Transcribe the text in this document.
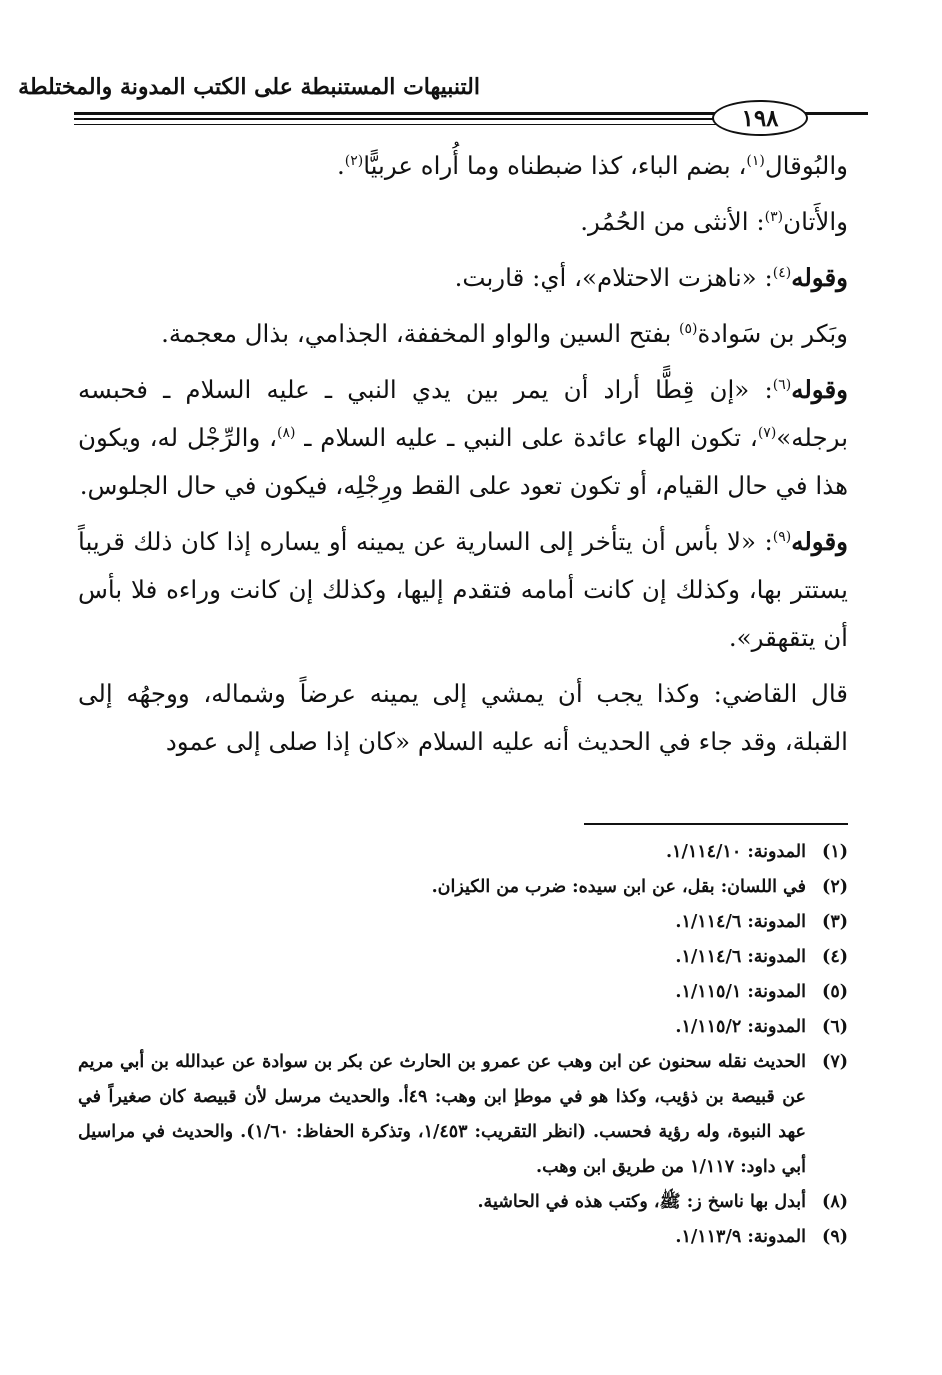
التنبيهات المستنبطة على الكتب المدونة والمختلطة
١٩٨

والبُوقال$^{(١)}$، بضم الباء، كذا ضبطناه وما أُراه عربيًّا$^{(٢)}$.

والأَتان$^{(٣)}$: الأنثى من الحُمُر.

وقوله$^{(٤)}$: «ناهزت الاحتلام»، أي: قاربت.

وبَكر بن سَوادة$^{(٥)}$ بفتح السين والواو المخففة، الجذامي، بذال معجمة.

وقوله$^{(٦)}$: «إن قِطًّا أراد أن يمر بين يدي النبي ـ عليه السلام ـ فحبسه برجله»$^{(٧)}$، تكون الهاء عائدة على النبي ـ عليه السلام ـ $^{(٨)}$، والرِّجْل له، ويكون هذا في حال القيام، أو تكون تعود على القط ورِجْلِه، فيكون في حال الجلوس.

وقوله$^{(٩)}$: «لا بأس أن يتأخر إلى السارية عن يمينه أو يساره إذا كان ذلك قريباً يستتر بها، وكذلك إن كانت أمامه فتقدم إليها، وكذلك إن كانت وراءه فلا بأس أن يتقهقر».

قال القاضي: وكذا يجب أن يمشي إلى يمينه عرضاً وشماله، ووجهُه إلى القبلة، وقد جاء في الحديث أنه عليه السلام «كان إذا صلى إلى عمود

(١)
المدونة: ١/١١٤/١٠.
(٢)
في اللسان: بقل، عن ابن سيده: ضرب من الكيزان.
(٣)
المدونة: ١/١١٤/٦.
(٤)
المدونة: ١/١١٤/٦.
(٥)
المدونة: ١/١١٥/١.
(٦)
المدونة: ١/١١٥/٢.
(٧)
الحديث نقله سحنون عن ابن وهب عن عمرو بن الحارث عن بكر بن سوادة عن عبدالله بن أبي مريم عن قبيصة بن ذؤيب، وكذا هو في موطإ ابن وهب: ٤٩أ. والحديث مرسل لأن قبيصة كان صغيراً في عهد النبوة، وله رؤية فحسب. (انظر التقريب: ١/٤٥٣، وتذكرة الحفاظ: ١/٦٠). والحديث في مراسيل أبي داود: ١/١١٧ من طريق ابن وهب.
(٨)
أبدل بها ناسخ ز: ﷺ، وكتب هذه في الحاشية.
(٩)
المدونة: ١/١١٣/٩.
